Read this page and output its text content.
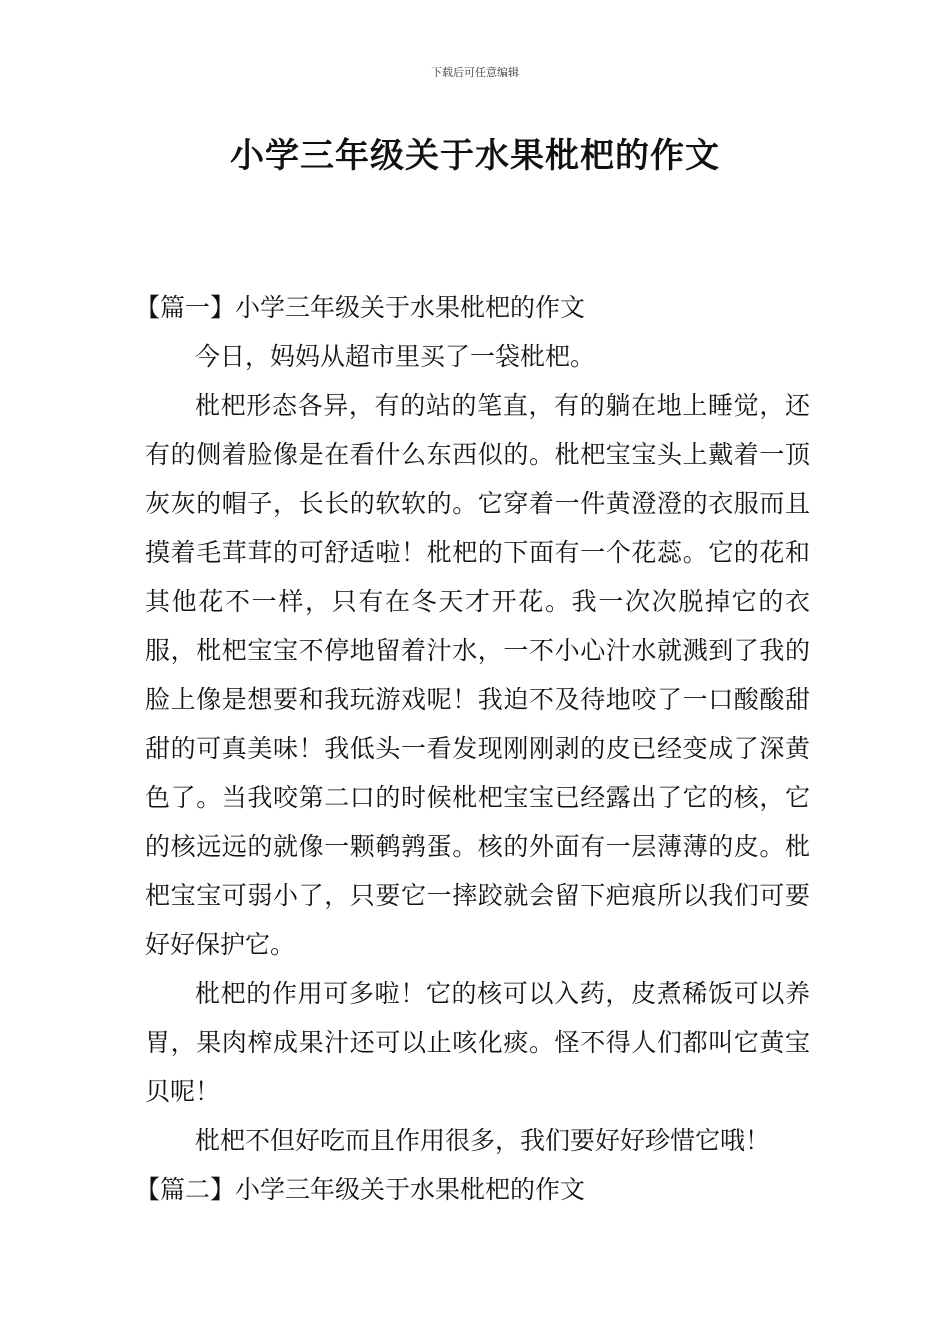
下载后可任意编辑
小学三年级关于水果枇杷的作文

【篇一】小学三年级关于水果枇杷的作文

今日，妈妈从超市里买了一袋枇杷。

枇杷形态各异，有的站的笔直，有的躺在地上睡觉，还有的侧着脸像是在看什么东西似的。枇杷宝宝头上戴着一顶灰灰的帽子，长长的软软的。它穿着一件黄澄澄的衣服而且摸着毛茸茸的可舒适啦！枇杷的下面有一个花蕊。它的花和其他花不一样，只有在冬天才开花。我一次次脱掉它的衣服，枇杷宝宝不停地留着汁水，一不小心汁水就溅到了我的脸上像是想要和我玩游戏呢！我迫不及待地咬了一口酸酸甜甜的可真美味！我低头一看发现刚刚剥的皮已经变成了深黄色了。当我咬第二口的时候枇杷宝宝已经露出了它的核，它的核远远的就像一颗鹌鹑蛋。核的外面有一层薄薄的皮。枇杷宝宝可弱小了，只要它一摔跤就会留下疤痕所以我们可要好好保护它。

枇杷的作用可多啦！它的核可以入药，皮煮稀饭可以养胃，果肉榨成果汁还可以止咳化痰。怪不得人们都叫它黄宝贝呢！

枇杷不但好吃而且作用很多，我们要好好珍惜它哦！

【篇二】小学三年级关于水果枇杷的作文
